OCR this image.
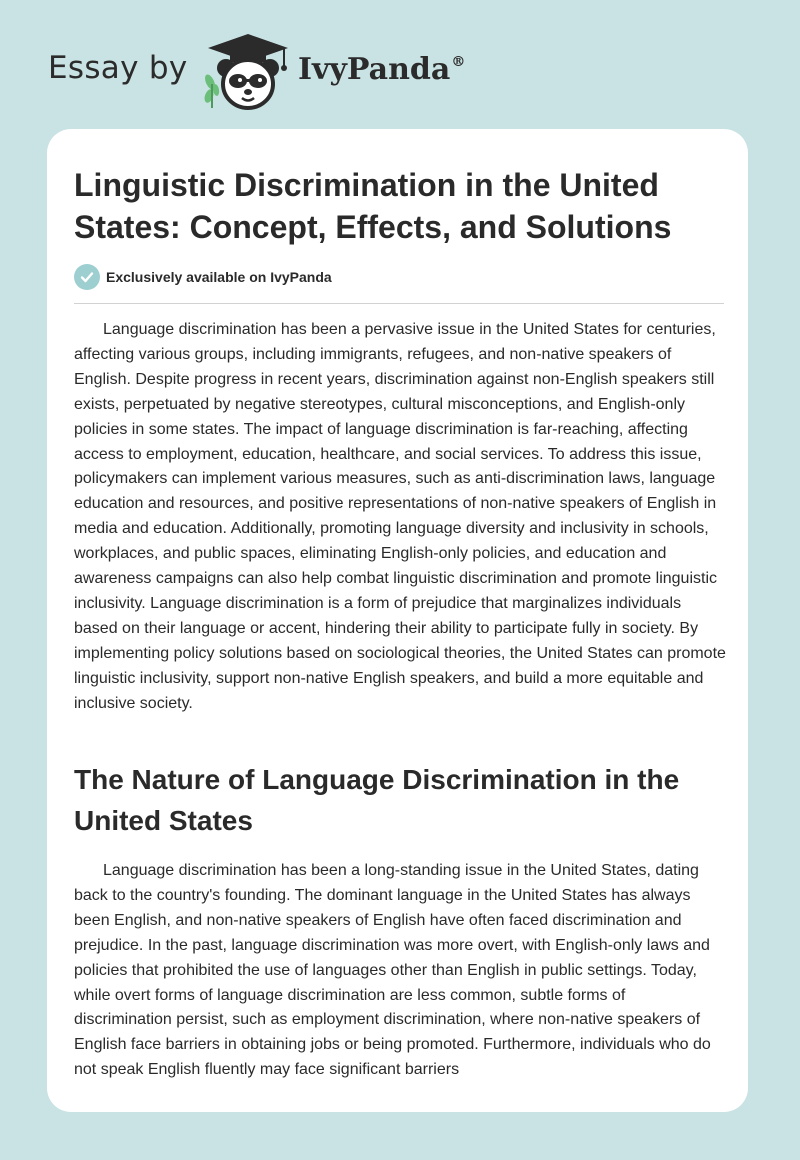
Essay by	IvyPanda®
Linguistic Discrimination in the United States: Concept, Effects, and Solutions
Exclusively available on IvyPanda

Language discrimination has been a pervasive issue in the United States for centuries, affecting various groups, including immigrants, refugees, and non-native speakers of English. Despite progress in recent years, discrimination against non-English speakers still exists, perpetuated by negative stereotypes, cultural misconceptions, and English-only policies in some states. The impact of language discrimination is far-reaching, affecting access to employment, education, healthcare, and social services. To address this issue, policymakers can implement various measures, such as anti-discrimination laws, language education and resources, and positive representations of non-native speakers of English in media and education. Additionally, promoting language diversity and inclusivity in schools, workplaces, and public spaces, eliminating English-only policies, and education and awareness campaigns can also help combat linguistic discrimination and promote linguistic inclusivity. Language discrimination is a form of prejudice that marginalizes individuals based on their language or accent, hindering their ability to participate fully in society. By implementing policy solutions based on sociological theories, the United States can promote linguistic inclusivity, support non-native English speakers, and build a more equitable and inclusive society.

The Nature of Language Discrimination in the United States

Language discrimination has been a long-standing issue in the United States, dating back to the country's founding. The dominant language in the United States has always been English, and non-native speakers of English have often faced discrimination and prejudice. In the past, language discrimination was more overt, with English-only laws and policies that prohibited the use of languages other than English in public settings. Today, while overt forms of language discrimination are less common, subtle forms of discrimination persist, such as employment discrimination, where non-native speakers of English face barriers in obtaining jobs or being promoted. Furthermore, individuals who do not speak English fluently may face significant barriers
